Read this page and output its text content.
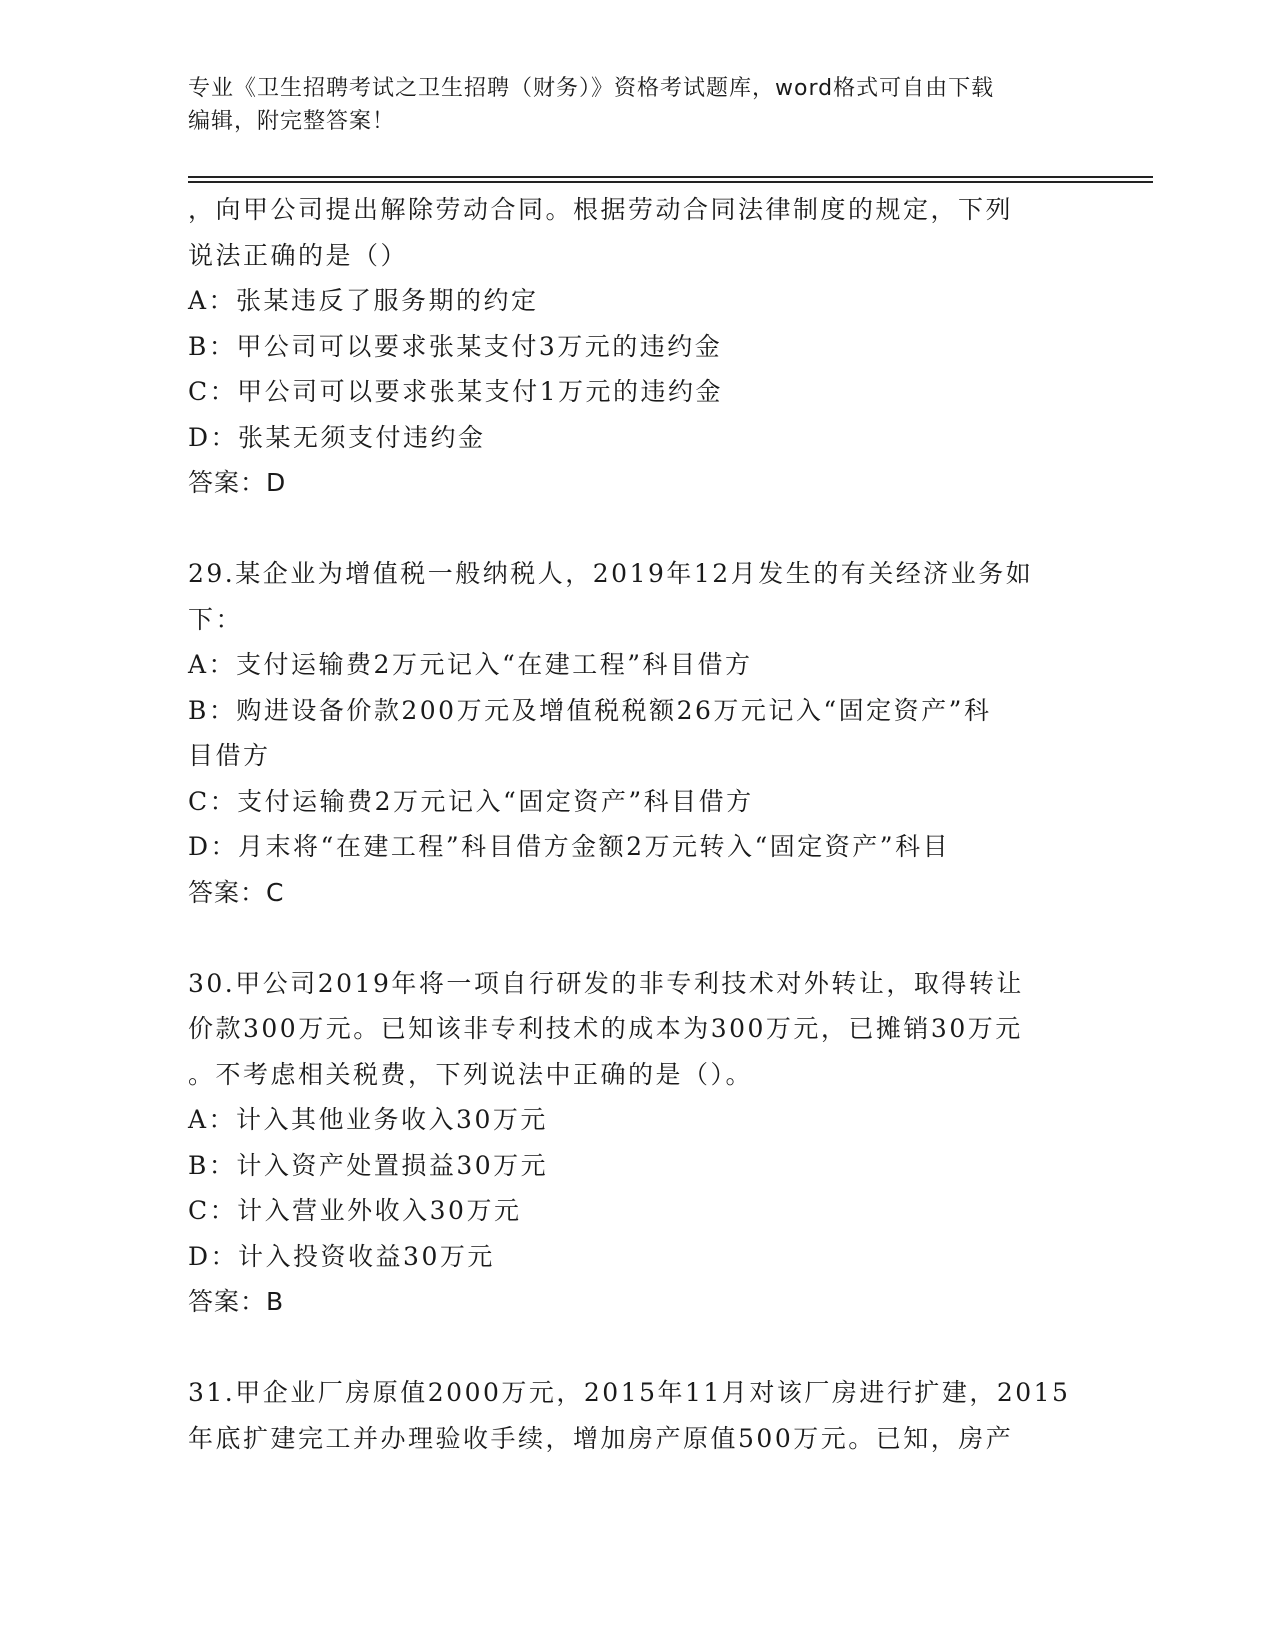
专业《卫生招聘考试之卫生招聘（财务）》资格考试题库，word格式可自由下载
编辑，附完整答案！
，向甲公司提出解除劳动合同。根据劳动合同法律制度的规定，下列
说法正确的是（）
A：张某违反了服务期的约定
B：甲公司可以要求张某支付3万元的违约金
C：甲公司可以要求张某支付1万元的违约金
D：张某无须支付违约金
答案：D
29.某企业为增值税一般纳税人，2019年12月发生的有关经济业务如
下：
A：支付运输费2万元记入“在建工程”科目借方
B：购进设备价款200万元及增值税税额26万元记入“固定资产”科
目借方
C：支付运输费2万元记入“固定资产”科目借方
D：月末将“在建工程”科目借方金额2万元转入“固定资产”科目
答案：C
30.甲公司2019年将一项自行研发的非专利技术对外转让，取得转让
价款300万元。已知该非专利技术的成本为300万元，已摊销30万元
。不考虑相关税费，下列说法中正确的是（）。
A：计入其他业务收入30万元
B：计入资产处置损益30万元
C：计入营业外收入30万元
D：计入投资收益30万元
答案：B
31.甲企业厂房原值2000万元，2015年11月对该厂房进行扩建，2015
年底扩建完工并办理验收手续，增加房产原值500万元。已知，房产
